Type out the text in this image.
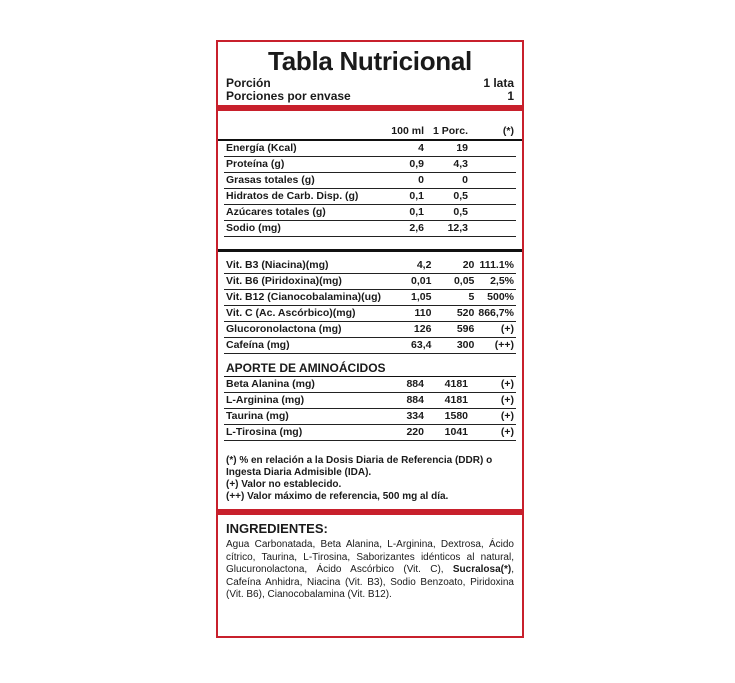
Tabla Nutricional
Porción	1 lata
Porciones por envase	1
	100 ml	1 Porc.	(*)
Energía (Kcal)	4	19	
Proteína (g)	0,9	4,3	
Grasas totales (g)	0	0	
Hidratos de Carb. Disp. (g)	0,1	0,5	
Azúcares totales (g)	0,1	0,5	
Sodio (mg)	2,6	12,3	
Vit. B3 (Niacina)(mg)	4,2	20	111.1%
Vit. B6 (Piridoxina)(mg)	0,01	0,05	2,5%
Vit. B12 (Cianocobalamina)(ug)	1,05	5	500%
Vit. C (Ac. Ascórbico)(mg)	110	520	866,7%
Glucoronolactona (mg)	126	596	(+)
Cafeína (mg)	63,4	300	(++)
APORTE DE AMINOÁCIDOS
Beta Alanina (mg)	884	4181	(+)
L-Arginina (mg)	884	4181	(+)
Taurina (mg)	334	1580	(+)
L-Tirosina (mg)	220	1041	(+)
(*) % en relación a la Dosis Diaria de Referencia (DDR) o Ingesta Diaria Admisible (IDA).
(+) Valor no establecido.
(++) Valor máximo de referencia, 500 mg al día.
INGREDIENTES:
Agua Carbonatada, Beta Alanina, L-Arginina, Dextrosa, Ácido cítrico, Taurina, L-Tirosina, Saborizantes idénticos al natural, Glucuronolactona, Ácido Ascórbico (Vit. C), Sucralosa(*), Cafeína Anhidra, Niacina (Vit. B3), Sodio Benzoato, Piridoxina (Vit. B6), Cianocobalamina (Vit. B12).
